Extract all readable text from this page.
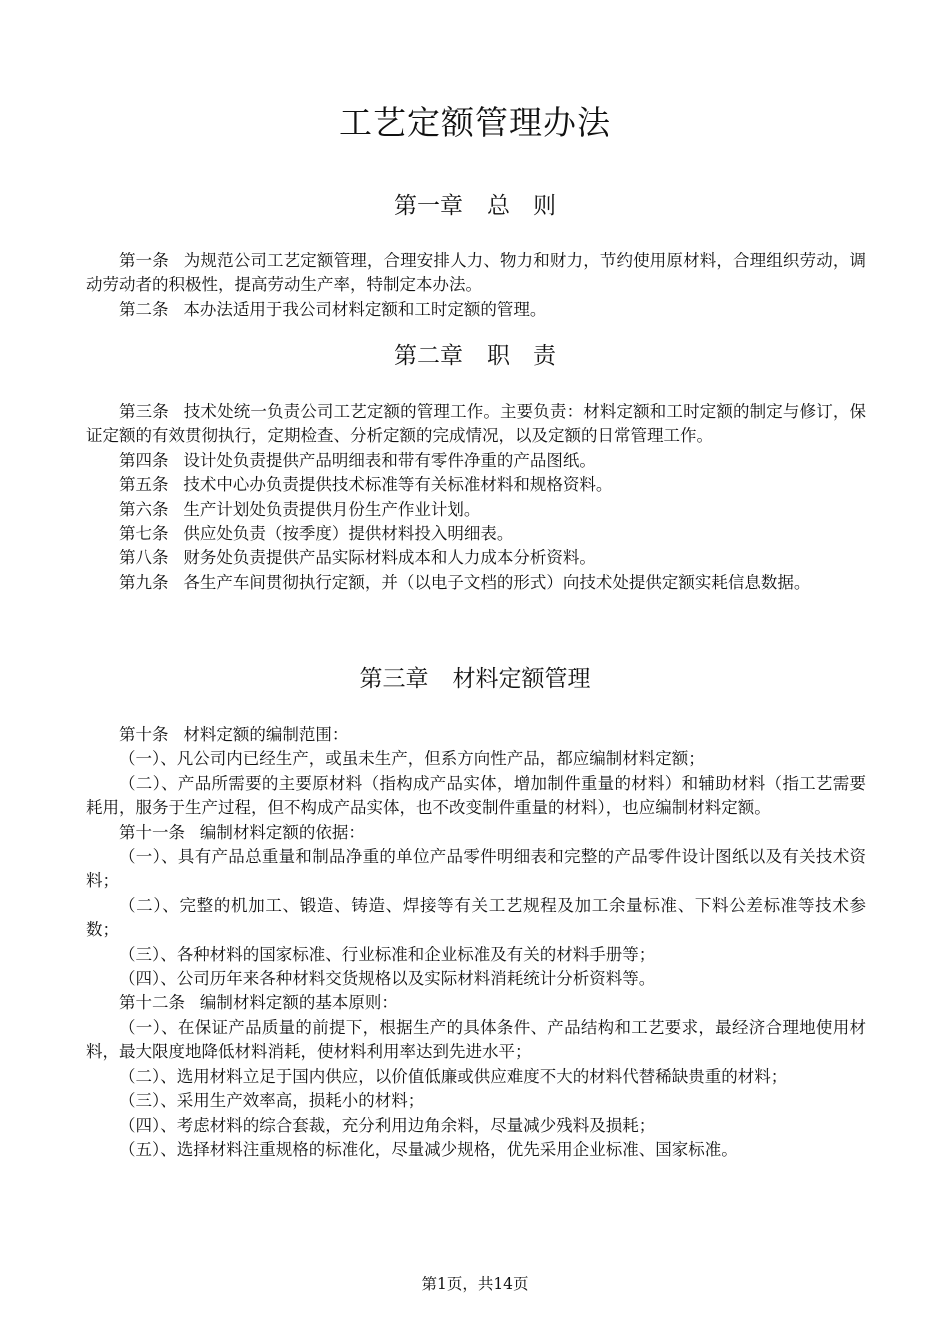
工艺定额管理办法
第一章 总　则

第一条 为规范公司工艺定额管理，合理安排人力、物力和财力，节约使用原材料，合理组织劳动，调动劳动者的积极性，提高劳动生产率，特制定本办法。

第二条 本办法适用于我公司材料定额和工时定额的管理。

第二章 职　责

第三条 技术处统一负责公司工艺定额的管理工作。主要负责：材料定额和工时定额的制定与修订，保证定额的有效贯彻执行，定期检查、分析定额的完成情况，以及定额的日常管理工作。

第四条 设计处负责提供产品明细表和带有零件净重的产品图纸。

第五条 技术中心办负责提供技术标准等有关标准材料和规格资料。

第六条 生产计划处负责提供月份生产作业计划。

第七条 供应处负责（按季度）提供材料投入明细表。

第八条 财务处负责提供产品实际材料成本和人力成本分析资料。

第九条 各生产车间贯彻执行定额，并（以电子文档的形式）向技术处提供定额实耗信息数据。

第三章 材料定额管理

第十条 材料定额的编制范围：

（一）、凡公司内已经生产，或虽未生产，但系方向性产品，都应编制材料定额；

（二）、产品所需要的主要原材料（指构成产品实体，增加制件重量的材料）和辅助材料（指工艺需要耗用，服务于生产过程，但不构成产品实体，也不改变制件重量的材料），也应编制材料定额。

第十一条 编制材料定额的依据：

（一）、具有产品总重量和制品净重的单位产品零件明细表和完整的产品零件设计图纸以及有关技术资料；

（二）、完整的机加工、锻造、铸造、焊接等有关工艺规程及加工余量标准、下料公差标准等技术参数；

（三）、各种材料的国家标准、行业标准和企业标准及有关的材料手册等；

（四）、公司历年来各种材料交货规格以及实际材料消耗统计分析资料等。

第十二条 编制材料定额的基本原则：

（一）、在保证产品质量的前提下，根据生产的具体条件、产品结构和工艺要求，最经济合理地使用材料，最大限度地降低材料消耗，使材料利用率达到先进水平；

（二）、选用材料立足于国内供应，以价值低廉或供应难度不大的材料代替稀缺贵重的材料；

（三）、采用生产效率高，损耗小的材料；

（四）、考虑材料的综合套裁，充分利用边角余料，尽量减少残料及损耗；

（五）、选择材料注重规格的标准化，尽量减少规格，优先采用企业标准、国家标准。

第1页，共14页
